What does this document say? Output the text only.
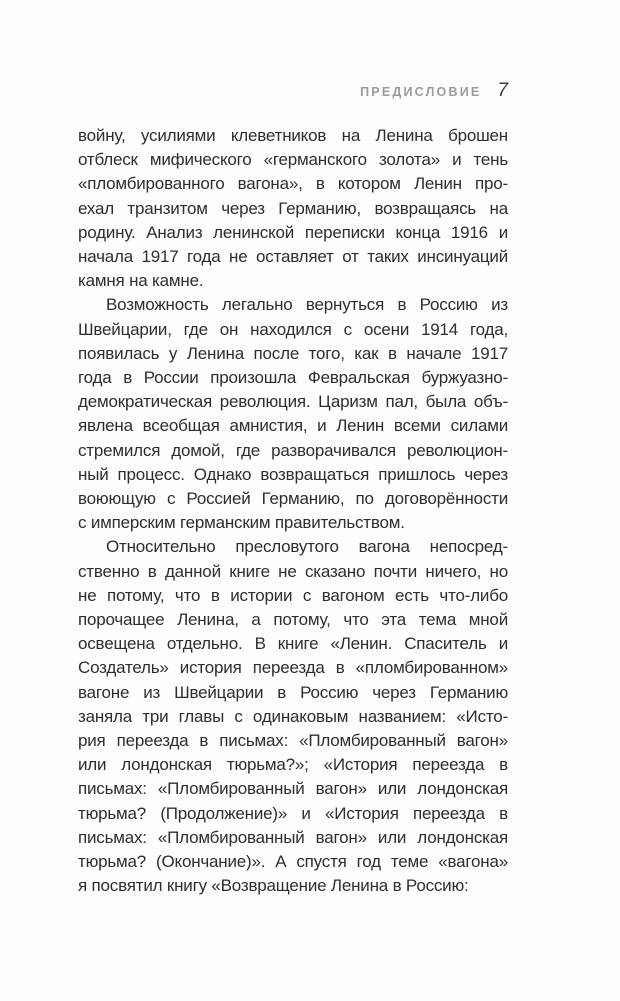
ПРЕДИСЛОВИЕ 7
войну, усилиями клеветников на Ленина брошен
отблеск мифического «германского золота» и тень
«пломбированного вагона», в котором Ленин про-
ехал транзитом через Германию, возвращаясь на
родину. Анализ ленинской переписки конца 1916 и
начала 1917 года не оставляет от таких инсинуаций
камня на камне.
Возможность легально вернуться в Россию из
Швейцарии, где он находился с осени 1914 года,
появилась у Ленина после того, как в начале 1917
года в России произошла Февральская буржуазно-
демократическая революция. Царизм пал, была объ-
явлена всеобщая амнистия, и Ленин всеми силами
стремился домой, где разворачивался революцион-
ный процесс. Однако возвращаться пришлось через
воюющую с Россией Германию, по договорённости
с имперским германским правительством.
Относительно пресловутого вагона непосред-
ственно в данной книге не сказано почти ничего, но
не потому, что в истории с вагоном есть что-либо
порочащее Ленина, а потому, что эта тема мной
освещена отдельно. В книге «Ленин. Спаситель и
Создатель» история переезда в «пломбированном»
вагоне из Швейцарии в Россию через Германию
заняла три главы с одинаковым названием: «Исто-
рия переезда в письмах: «Пломбированный вагон»
или лондонская тюрьма?»; «История переезда в
письмах: «Пломбированный вагон» или лондонская
тюрьма? (Продолжение)» и «История переезда в
письмах: «Пломбированный вагон» или лондонская
тюрьма? (Окончание)». А спустя год теме «вагона»
я посвятил книгу «Возвращение Ленина в Россию:
